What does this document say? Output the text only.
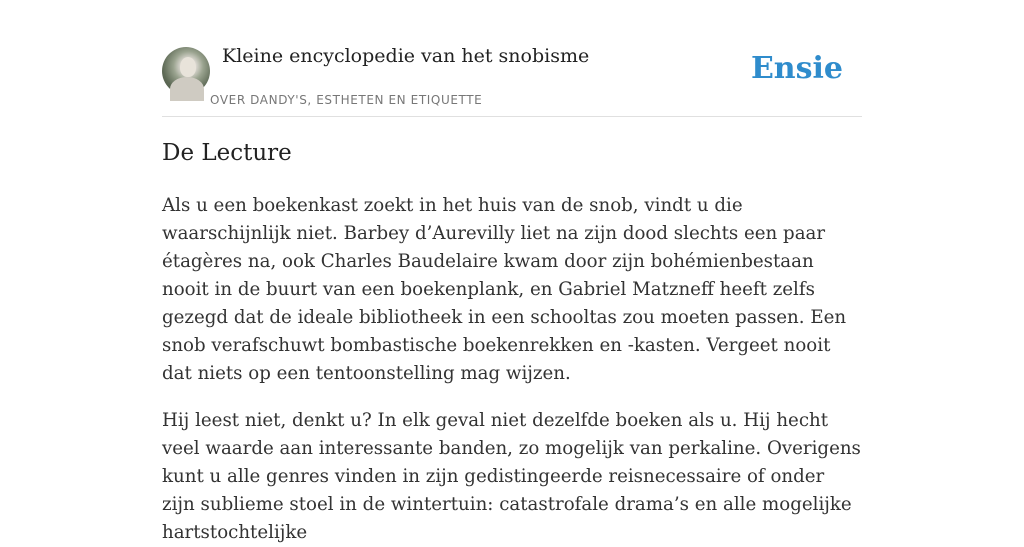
Kleine encyclopedie van het snobisme
OVER DANDY'S, ESTHETEN EN ETIQUETTE
Ensie
De Lecture

Als u een boekenkast zoekt in het huis van de snob, vindt u die waarschijnlijk niet. Barbey d’Aurevilly liet na zijn dood slechts een paar étagères na, ook Charles Baudelaire kwam door zijn bohémienbestaan nooit in de buurt van een boekenplank, en Gabriel Matzneff heeft zelfs gezegd dat de ideale bibliotheek in een schooltas zou moeten passen. Een snob verafschuwt bombastische boekenrekken en -kasten. Vergeet nooit dat niets op een tentoonstelling mag wijzen.

Hij leest niet, denkt u? In elk geval niet dezelfde boeken als u. Hij hecht veel waarde aan interessante banden, zo mogelijk van perkaline. Overigens kunt u alle genres vinden in zijn gedistingeerde reisnecessaire of onder zijn sublieme stoel in de wintertuin: catastrofale drama’s en alle mogelijke hartstochtelijke
